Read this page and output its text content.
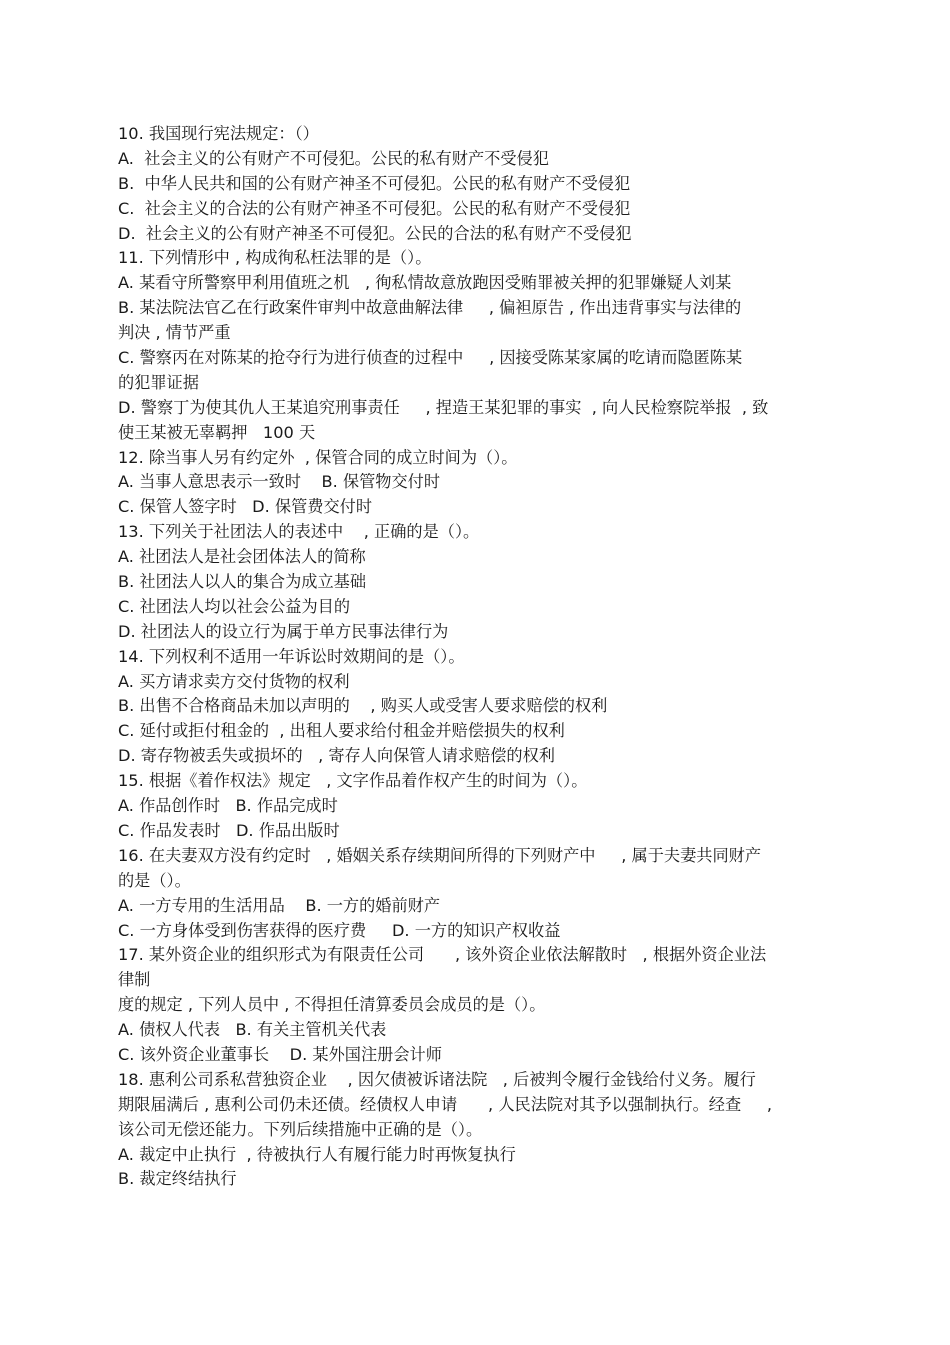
10. 我国现行宪法规定：（）
A.  社会主义的公有财产不可侵犯。公民的私有财产不受侵犯
B.  中华人民共和国的公有财产神圣不可侵犯。公民的私有财产不受侵犯
C.  社会主义的合法的公有财产神圣不可侵犯。公民的私有财产不受侵犯
D.  社会主义的公有财产神圣不可侵犯。公民的合法的私有财产不受侵犯
11. 下列情形中 , 构成徇私枉法罪的是（）。
A. 某看守所警察甲利用值班之机   , 徇私情故意放跑因受贿罪被关押的犯罪嫌疑人刘某
B. 某法院法官乙在行政案件审判中故意曲解法律     , 偏袒原告 , 作出违背事实与法律的
判决 , 情节严重
C. 警察丙在对陈某的抢夺行为进行侦查的过程中     , 因接受陈某家属的吃请而隐匿陈某
的犯罪证据
D. 警察丁为使其仇人王某追究刑事责任     , 捏造王某犯罪的事实  , 向人民检察院举报  , 致
使王某被无辜羁押   100 天
12. 除当事人另有约定外  , 保管合同的成立时间为（）。
A. 当事人意思表示一致时    B. 保管物交付时
C. 保管人签字时   D. 保管费交付时
13. 下列关于社团法人的表述中    , 正确的是（）。
A. 社团法人是社会团体法人的简称
B. 社团法人以人的集合为成立基础
C. 社团法人均以社会公益为目的
D. 社团法人的设立行为属于单方民事法律行为
14. 下列权利不适用一年诉讼时效期间的是（）。
A. 买方请求卖方交付货物的权利
B. 出售不合格商品未加以声明的    , 购买人或受害人要求赔偿的权利
C. 延付或拒付租金的  , 出租人要求给付租金并赔偿损失的权利
D. 寄存物被丢失或损坏的   , 寄存人向保管人请求赔偿的权利
15. 根据《着作权法》规定   , 文字作品着作权产生的时间为（）。
A. 作品创作时   B. 作品完成时
C. 作品发表时   D. 作品出版时
16. 在夫妻双方没有约定时   , 婚姻关系存续期间所得的下列财产中     , 属于夫妻共同财产
的是（）。
A. 一方专用的生活用品    B. 一方的婚前财产
C. 一方身体受到伤害获得的医疗费     D. 一方的知识产权收益
17. 某外资企业的组织形式为有限责任公司      , 该外资企业依法解散时   , 根据外资企业法
律制
度的规定 , 下列人员中 , 不得担任清算委员会成员的是（）。
A. 债权人代表   B. 有关主管机关代表
C. 该外资企业董事长    D. 某外国注册会计师
18. 惠利公司系私营独资企业    , 因欠债被诉诸法院   , 后被判令履行金钱给付义务。履行
期限届满后 , 惠利公司仍未还债。经债权人申请      , 人民法院对其予以强制执行。经查     ,
该公司无偿还能力。下列后续措施中正确的是（）。
A. 裁定中止执行  , 待被执行人有履行能力时再恢复执行
B. 裁定终结执行
